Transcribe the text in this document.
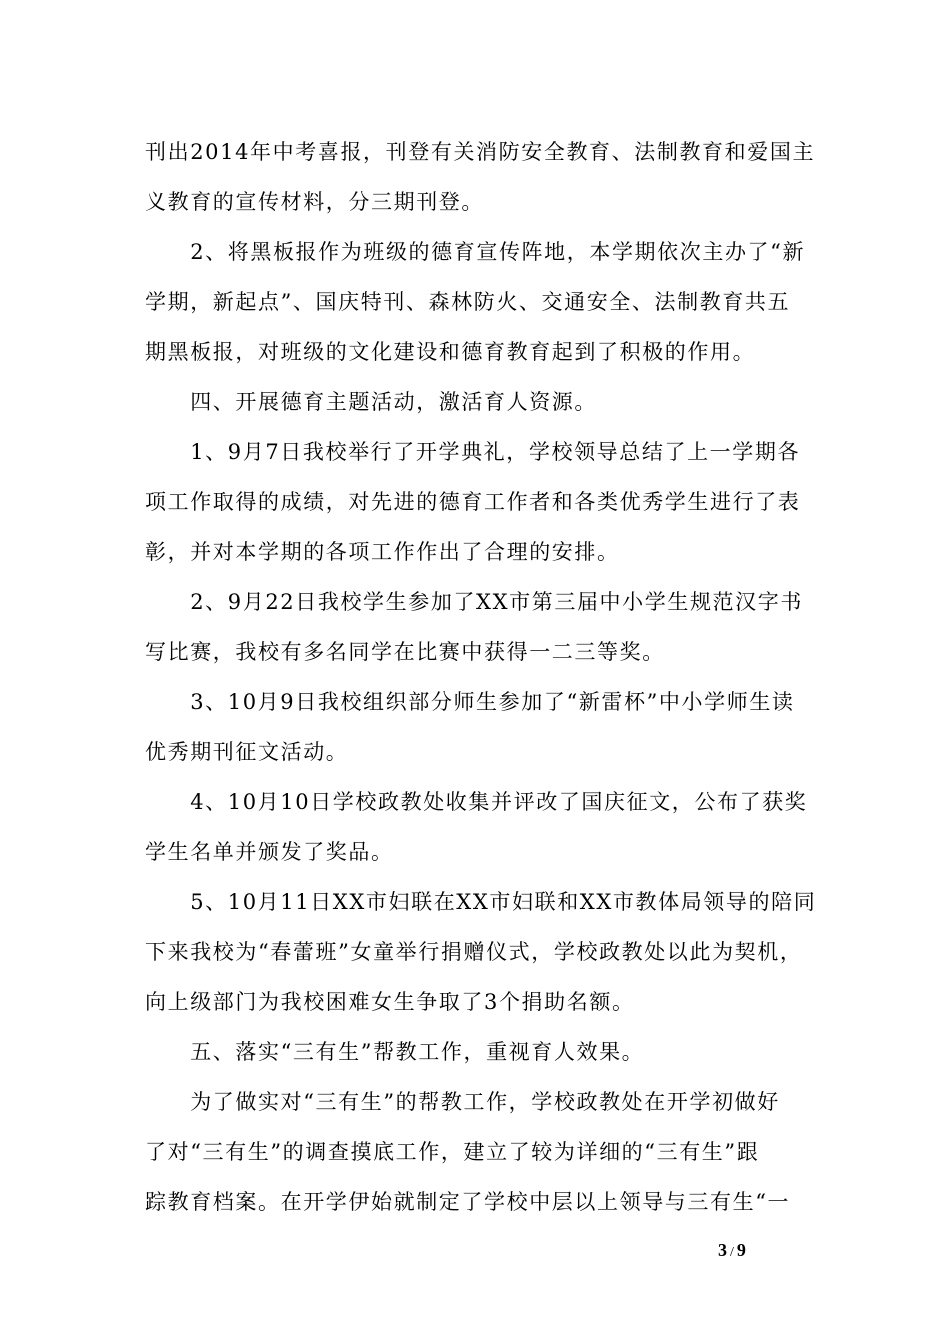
刊出2014年中考喜报，刊登有关消防安全教育、法制教育和爱国主
义教育的宣传材料，分三期刊登。
　　2、将黑板报作为班级的德育宣传阵地，本学期依次主办了“新
学期，新起点”、国庆特刊、森林防火、交通安全、法制教育共五
期黑板报，对班级的文化建设和德育教育起到了积极的作用。
　　四、开展德育主题活动，激活育人资源。
　　1、9月7日我校举行了开学典礼，学校领导总结了上一学期各
项工作取得的成绩，对先进的德育工作者和各类优秀学生进行了表
彰，并对本学期的各项工作作出了合理的安排。
　　2、9月22日我校学生参加了XX市第三届中小学生规范汉字书
写比赛，我校有多名同学在比赛中获得一二三等奖。
　　3、10月9日我校组织部分师生参加了“新雷杯”中小学师生读
优秀期刊征文活动。
　　4、10月10日学校政教处收集并评改了国庆征文，公布了获奖
学生名单并颁发了奖品。
　　5、10月11日XX市妇联在XX市妇联和XX市教体局领导的陪同
下来我校为“春蕾班”女童举行捐赠仪式，学校政教处以此为契机，
向上级部门为我校困难女生争取了3个捐助名额。
　　五、落实“三有生”帮教工作，重视育人效果。
　　为了做实对“三有生”的帮教工作，学校政教处在开学初做好
了对“三有生”的调查摸底工作，建立了较为详细的“三有生”跟
踪教育档案。在开学伊始就制定了学校中层以上领导与三有生“一
3 / 9
